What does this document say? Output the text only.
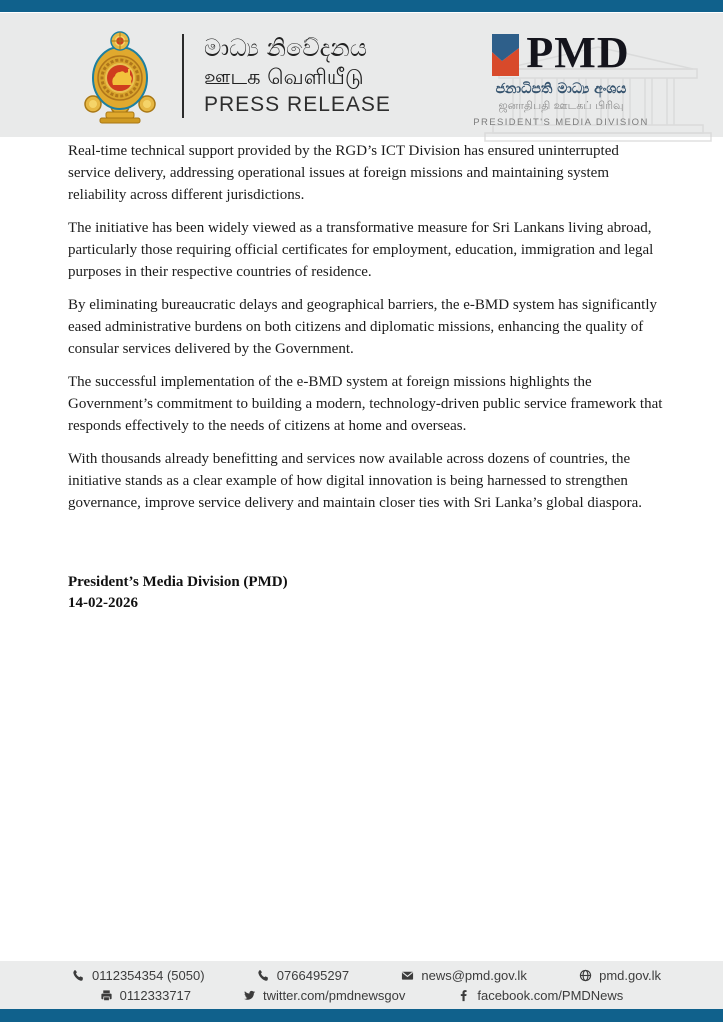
මාධ්‍ය නිවේදනය
ஊடக வெளியீடு
PRESS RELEASE
PMD
ජනාධිපති මාධ්‍ය අංශය
ஜனாதிபதி ஊடகப் பிரிவு
PRESIDENT'S MEDIA DIVISION

Real-time technical support provided by the RGD’s ICT Division has ensured uninterrupted service delivery, addressing operational issues at foreign missions and maintaining system reliability across different jurisdictions.

The initiative has been widely viewed as a transformative measure for Sri Lankans living abroad, particularly those requiring official certificates for employment, education, immigration and legal purposes in their respective countries of residence.

By eliminating bureaucratic delays and geographical barriers, the e-BMD system has significantly eased administrative burdens on both citizens and diplomatic missions, enhancing the quality of consular services delivered by the Government.

The successful implementation of the e-BMD system at foreign missions highlights the Government’s commitment to building a modern, technology-driven public service framework that responds effectively to the needs of citizens at home and overseas.

With thousands already benefitting and services now available across dozens of countries, the initiative stands as a clear example of how digital innovation is being harnessed to strengthen governance, improve service delivery and maintain closer ties with Sri Lanka’s global diaspora.

President’s Media Division (PMD)
14-02-2026
0112354354 (5050)	0766495297	news@pmd.gov.lk	pmd.gov.lk
0112333717	twitter.com/pmdnewsgov	facebook.com/PMDNews
